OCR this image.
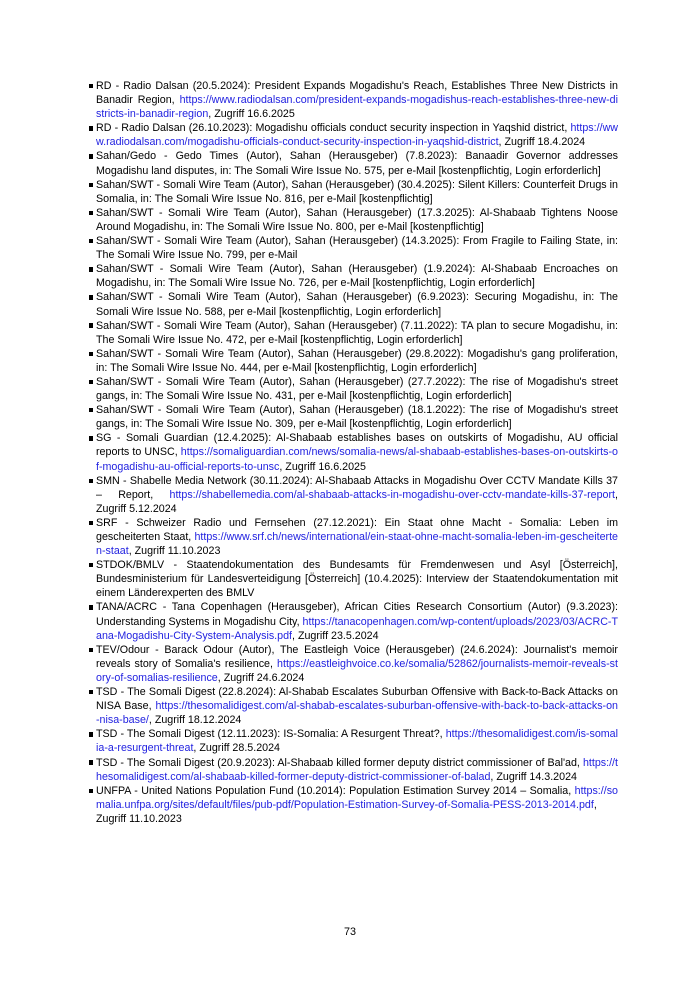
RD - Radio Dalsan (20.5.2024): President Expands Mogadishu's Reach, Establishes Three New Districts in Banadir Region, https://www.radiodalsan.com/president-expands-mogadishus-reach-establishes-three-new-districts-in-banadir-region, Zugriff 16.6.2025
RD - Radio Dalsan (26.10.2023): Mogadishu officials conduct security inspection in Yaqshid district, https://www.radiodalsan.com/mogadishu-officials-conduct-security-inspection-in-yaqshid-district, Zugriff 18.4.2024
Sahan/Gedo - Gedo Times (Autor), Sahan (Herausgeber) (7.8.2023): Banaadir Governor addresses Mogadishu land disputes, in: The Somali Wire Issue No. 575, per e-Mail [kostenpflichtig, Login erforderlich]
Sahan/SWT - Somali Wire Team (Autor), Sahan (Herausgeber) (30.4.2025): Silent Killers: Counterfeit Drugs in Somalia, in: The Somali Wire Issue No. 816, per e-Mail [kostenpflichtig]
Sahan/SWT - Somali Wire Team (Autor), Sahan (Herausgeber) (17.3.2025): Al-Shabaab Tightens Noose Around Mogadishu, in: The Somali Wire Issue No. 800, per e-Mail [kostenpflichtig]
Sahan/SWT - Somali Wire Team (Autor), Sahan (Herausgeber) (14.3.2025): From Fragile to Failing State, in: The Somali Wire Issue No. 799, per e-Mail
Sahan/SWT - Somali Wire Team (Autor), Sahan (Herausgeber) (1.9.2024): Al-Shabaab Encroaches on Mogadishu, in: The Somali Wire Issue No. 726, per e-Mail [kostenpflichtig, Login erforderlich]
Sahan/SWT - Somali Wire Team (Autor), Sahan (Herausgeber) (6.9.2023): Securing Mogadishu, in: The Somali Wire Issue No. 588, per e-Mail [kostenpflichtig, Login erforderlich]
Sahan/SWT - Somali Wire Team (Autor), Sahan (Herausgeber) (7.11.2022): TA plan to secure Mogadishu, in: The Somali Wire Issue No. 472, per e-Mail [kostenpflichtig, Login erforderlich]
Sahan/SWT - Somali Wire Team (Autor), Sahan (Herausgeber) (29.8.2022): Mogadishu's gang proliferation, in: The Somali Wire Issue No. 444, per e-Mail [kostenpflichtig, Login erforderlich]
Sahan/SWT - Somali Wire Team (Autor), Sahan (Herausgeber) (27.7.2022): The rise of Mogadishu's street gangs, in: The Somali Wire Issue No. 431, per e-Mail [kostenpflichtig, Login erforderlich]
Sahan/SWT - Somali Wire Team (Autor), Sahan (Herausgeber) (18.1.2022): The rise of Mogadishu's street gangs, in: The Somali Wire Issue No. 309, per e-Mail [kostenpflichtig, Login erforderlich]
SG - Somali Guardian (12.4.2025): Al-Shabaab establishes bases on outskirts of Mogadishu, AU official reports to UNSC, https://somaliguardian.com/news/somalia-news/al-shabaab-establishes-bases-on-outskirts-of-mogadishu-au-official-reports-to-unsc, Zugriff 16.6.2025
SMN - Shabelle Media Network (30.11.2024): Al-Shabaab Attacks in Mogadishu Over CCTV Mandate Kills 37 – Report, https://shabellemedia.com/al-shabaab-attacks-in-mogadishu-over-cctv-mandate-kills-37-report, Zugriff 5.12.2024
SRF - Schweizer Radio und Fernsehen (27.12.2021): Ein Staat ohne Macht - Somalia: Leben im gescheiterten Staat, https://www.srf.ch/news/international/ein-staat-ohne-macht-somalia-leben-im-gescheiterten-staat, Zugriff 11.10.2023
STDOK/BMLV - Staatendokumentation des Bundesamts für Fremdenwesen und Asyl [Österreich], Bundesministerium für Landesverteidigung [Österreich] (10.4.2025): Interview der Staatendokumentation mit einem Länderexperten des BMLV
TANA/ACRC - Tana Copenhagen (Herausgeber), African Cities Research Consortium (Autor) (9.3.2023): Understanding Systems in Mogadishu City, https://tanacopenhagen.com/wp-content/uploads/2023/03/ACRC-Tana-Mogadishu-City-System-Analysis.pdf, Zugriff 23.5.2024
TEV/Odour - Barack Odour (Autor), The Eastleigh Voice (Herausgeber) (24.6.2024): Journalist's memoir reveals story of Somalia's resilience, https://eastleighvoice.co.ke/somalia/52862/journalists-memoir-reveals-story-of-somalias-resilience, Zugriff 24.6.2024
TSD - The Somali Digest (22.8.2024): Al-Shabab Escalates Suburban Offensive with Back-to-Back Attacks on NISA Base, https://thesomalidigest.com/al-shabab-escalates-suburban-offensive-with-back-to-back-attacks-on-nisa-base/, Zugriff 18.12.2024
TSD - The Somali Digest (12.11.2023): IS-Somalia: A Resurgent Threat?, https://thesomalidigest.com/is-somalia-a-resurgent-threat, Zugriff 28.5.2024
TSD - The Somali Digest (20.9.2023): Al-Shabaab killed former deputy district commissioner of Bal'ad, https://thesomalidigest.com/al-shabaab-killed-former-deputy-district-commissioner-of-balad, Zugriff 14.3.2024
UNFPA - United Nations Population Fund (10.2014): Population Estimation Survey 2014 – Somalia, https://somalia.unfpa.org/sites/default/files/pub-pdf/Population-Estimation-Survey-of-Somalia-PESS-2013-2014.pdf, Zugriff 11.10.2023
73
